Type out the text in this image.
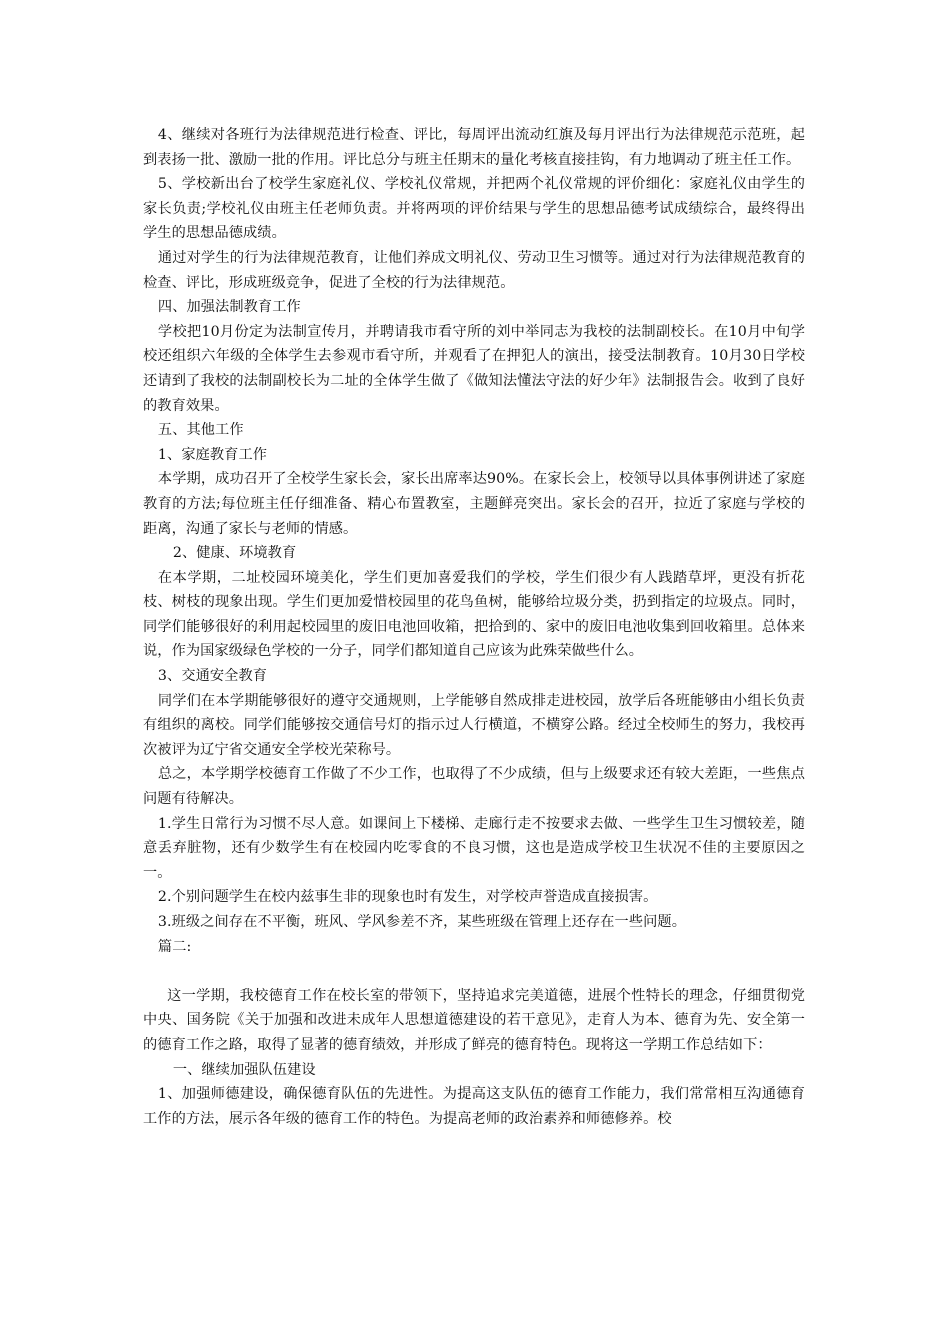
4、继续对各班行为法律规范进行检查、评比，每周评出流动红旗及每月评出行为法律规范示范班，起到表扬一批、激励一批的作用。评比总分与班主任期末的量化考核直接挂钩，有力地调动了班主任工作。

5、学校新出台了校学生家庭礼仪、学校礼仪常规，并把两个礼仪常规的评价细化：家庭礼仪由学生的家长负责;学校礼仪由班主任老师负责。并将两项的评价结果与学生的思想品德考试成绩综合，最终得出学生的思想品德成绩。

通过对学生的行为法律规范教育，让他们养成文明礼仪、劳动卫生习惯等。通过对行为法律规范教育的检查、评比，形成班级竞争，促进了全校的行为法律规范。

四、加强法制教育工作

学校把10月份定为法制宣传月，并聘请我市看守所的刘中举同志为我校的法制副校长。在10月中旬学校还组织六年级的全体学生去参观市看守所，并观看了在押犯人的演出，接受法制教育。10月30日学校还请到了我校的法制副校长为二址的全体学生做了《做知法懂法守法的好少年》法制报告会。收到了良好的教育效果。

五、其他工作

1、家庭教育工作

本学期，成功召开了全校学生家长会，家长出席率达90%。在家长会上，校领导以具体事例讲述了家庭教育的方法;每位班主任仔细准备、精心布置教室，主题鲜亮突出。家长会的召开，拉近了家庭与学校的距离，沟通了家长与老师的情感。

2、健康、环境教育

在本学期，二址校园环境美化，学生们更加喜爱我们的学校，学生们很少有人践踏草坪，更没有折花枝、树枝的现象出现。学生们更加爱惜校园里的花鸟鱼树，能够给垃圾分类，扔到指定的垃圾点。同时，同学们能够很好的利用起校园里的废旧电池回收箱，把拾到的、家中的废旧电池收集到回收箱里。总体来说，作为国家级绿色学校的一分子，同学们都知道自己应该为此殊荣做些什么。

3、交通安全教育

同学们在本学期能够很好的遵守交通规则，上学能够自然成排走进校园，放学后各班能够由小组长负责有组织的离校。同学们能够按交通信号灯的指示过人行横道，不横穿公路。经过全校师生的努力，我校再次被评为辽宁省交通安全学校光荣称号。

总之，本学期学校德育工作做了不少工作，也取得了不少成绩，但与上级要求还有较大差距，一些焦点问题有待解决。

1.学生日常行为习惯不尽人意。如课间上下楼梯、走廊行走不按要求去做、一些学生卫生习惯较差，随意丢弃脏物，还有少数学生有在校园内吃零食的不良习惯，这也是造成学校卫生状况不佳的主要原因之一。

2.个别问题学生在校内兹事生非的现象也时有发生，对学校声誉造成直接损害。

3.班级之间存在不平衡，班风、学风参差不齐，某些班级在管理上还存在一些问题。

篇二:

这一学期，我校德育工作在校长室的带领下，坚持追求完美道德，进展个性特长的理念，仔细贯彻党中央、国务院《关于加强和改进未成年人思想道德建设的若干意见》，走育人为本、德育为先、安全第一的德育工作之路，取得了显著的德育绩效，并形成了鲜亮的德育特色。现将这一学期工作总结如下：

一、继续加强队伍建设

1、加强师德建设，确保德育队伍的先进性。为提高这支队伍的德育工作能力，我们常常相互沟通德育工作的方法，展示各年级的德育工作的特色。为提高老师的政治素养和师德修养。校
